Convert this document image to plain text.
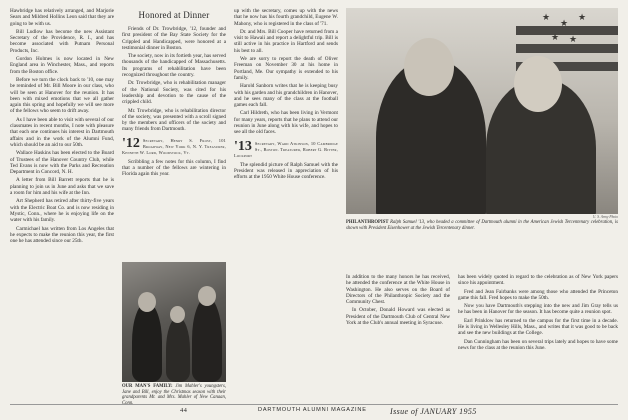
Hawbridge has relatively arranged, and Marjorie Sears and Mildred Hollins Leon said that they are going to be with us.

Bill Ludlow has become the new Assistant Secretary of the Providence, R. I., and has become associated with Putnam Personal Products, Inc.

Gordon Holmes is now located in New England area in Winchester, Mass., and reports from the Boston office.

Before we turn the clock back to '10, one may be reminded of Mr. Bill Moore in our class, who will be seen at Hanover for the reunion. It has been with mixed emotions that we all gather again this spring and hopefully we will see more of the fellows who seem to drift away.

As I have been able to visit with several of our classmates in recent months, I note with pleasure that each one continues his interest in Dartmouth affairs and in the work of the Alumni Fund, which should be an aid to our 50th.

Wallace Haskins has been elected to the Board of Trustees of the Hanover Country Club, while Ted Evans is now with the Parks and Recreation Department in Concord, N. H.

A letter from Bill Barrett reports that he is planning to join us in June and asks that we save a room for him and his wife at the Inn.

Art Shepherd has retired after thirty-five years with the Electric Boat Co. and is now residing in Mystic, Conn., where he is enjoying life on the water with his family.

Carmichael has written from Los Angeles that he expects to make the reunion this year, the first one he has attended since our 25th.

Honored at Dinner

Friends of Dr. Trowbridge, '12, founder and first president of the Bay State Society for the Crippled and Handicapped, were honored at a testimonial dinner in Boston.

The society, now in its fortieth year, has served thousands of the handicapped of Massachusetts. Its programs of rehabilitation have been recognized throughout the country.

Dr. Trowbridge, who is rehabilitation manager of the National Society, was cited for his leadership and devotion to the cause of the crippled child.

Mr. Trowbridge, who is rehabilitation director of the society, was presented with a scroll signed by the members and officers of the society and many friends from Dartmouth.

'12 Secretary, Henry S. Frost, 101 Broadway, New York 6, N. Y. Treasurer, Kenneth W. Lord, Woodstock, Vt.

Scribbling a few notes for this column, I find that a number of the fellows are wintering in Florida again this year.

OUR MAN'S FAMILY: Jim Mahler's youngsters, Jane and Bill, enjoy the Christmas season with their grandparents Mr. and Mrs. Mahler of New Canaan, Conn.

up with the secretary, comes up with the news that he now has his fourth grandchild, Eugene W. Mahony, who is registered in the class of '71.

Dr. and Mrs. Bill Cooper have returned from a visit to Hawaii and report a delightful trip. Bill is still active in his practice in Hartford and sends his best to all.

We are sorry to report the death of Oliver Freeman on November 30 at his home in Portland, Me. Our sympathy is extended to his family.

Harold Sanborn writes that he is keeping busy with his garden and his grandchildren in Hanover, and he sees many of the class at the football games each fall.

Carl Hildreth, who has been living in Vermont for many years, reports that he plans to attend our reunion in June along with his wife, and hopes to see all the old faces.

'13 Secretary, Ward Atkinson, 10 Cambridge St., Boston. Treasurer, Robert G. Ritter, Lockport

The splendid picture of Ralph Samuel with the President was released in appreciation of his efforts at the 1950 White House conference.

★
★
★
★ ★
U. S. Army Photo
PHILANTHROPIST Ralph Samuel '13, who headed a committee of Dartmouth alumni in the American Jewish Tercentenary celebration, is shown with President Eisenhower at the Jewish Tercentenary dinner.

In addition to the many honors he has received, he attended the conference at the White House in Washington. He also serves on the Board of Directors of the Philanthropic Society and the Community Chest.

In October, Donald Howard was elected as President of the Dartmouth Club of Central New York at the Club's annual meeting in Syracuse.

has been widely quoted in regard to the celebration as of New York papers since his appointment.

Fred and Jean Fairbanks were among those who attended the Princeton game this fall. Fred hopes to make the 50th.

Now you have Dartmouth's stepping into the new and Jim Gray tells us he has been in Hanover for the season. It has become quite a reunion spot.

Earl Prinklow has returned to the campus for the first time in a decade. He is living in Wellesley Hills, Mass., and writes that it was good to be back and see the new buildings at the College.

Dan Cunningham has been on several trips lately and hopes to have some news for the class at the reunion this June.

44	DARTMOUTH ALUMNI MAGAZINE	Issue of JANUARY 1955
